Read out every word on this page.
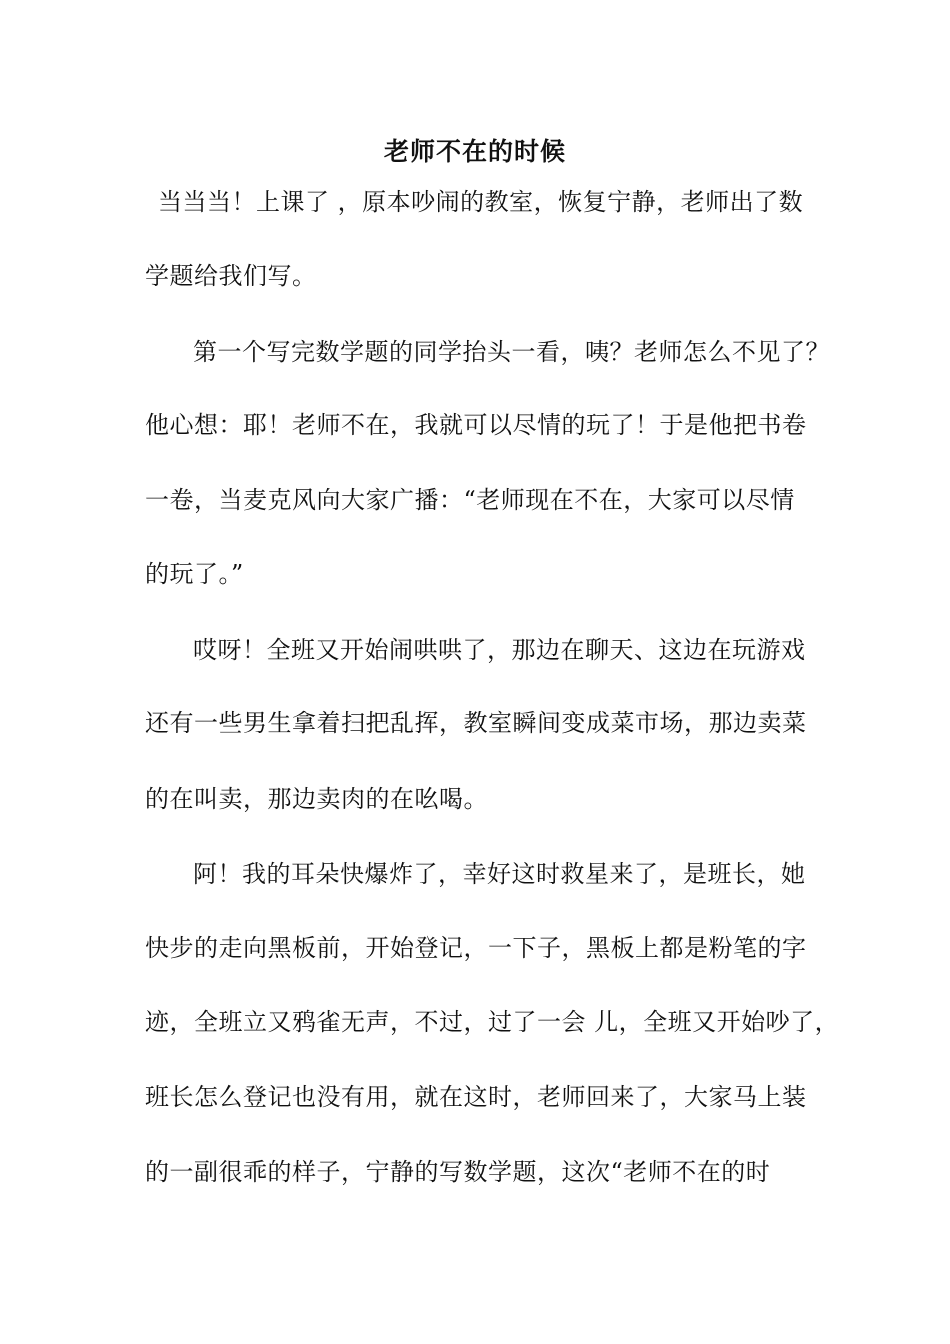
老师不在的时候
当当当！上课了 ，原本吵闹的教室，恢复宁静，老师出了数
学题给我们写。
第一个写完数学题的同学抬头一看，咦？老师怎么不见了？
他心想：耶！老师不在，我就可以尽情的玩了！于是他把书卷
一卷，当麦克风向大家广播：“老师现在不在，大家可以尽情
的玩了。”
哎呀！全班又开始闹哄哄了，那边在聊天、这边在玩游戏
还有一些男生拿着扫把乱挥，教室瞬间变成菜市场，那边卖菜
的在叫卖，那边卖肉的在吆喝。
阿！我的耳朵快爆炸了，幸好这时救星来了，是班长，她
快步的走向黑板前，开始登记，一下子，黑板上都是粉笔的字
迹，全班立又鸦雀无声，不过，过了一会 儿，全班又开始吵了，
班长怎么登记也没有用，就在这时，老师回来了，大家马上装
的一副很乖的样子，宁静的写数学题，这次“老师不在的时
